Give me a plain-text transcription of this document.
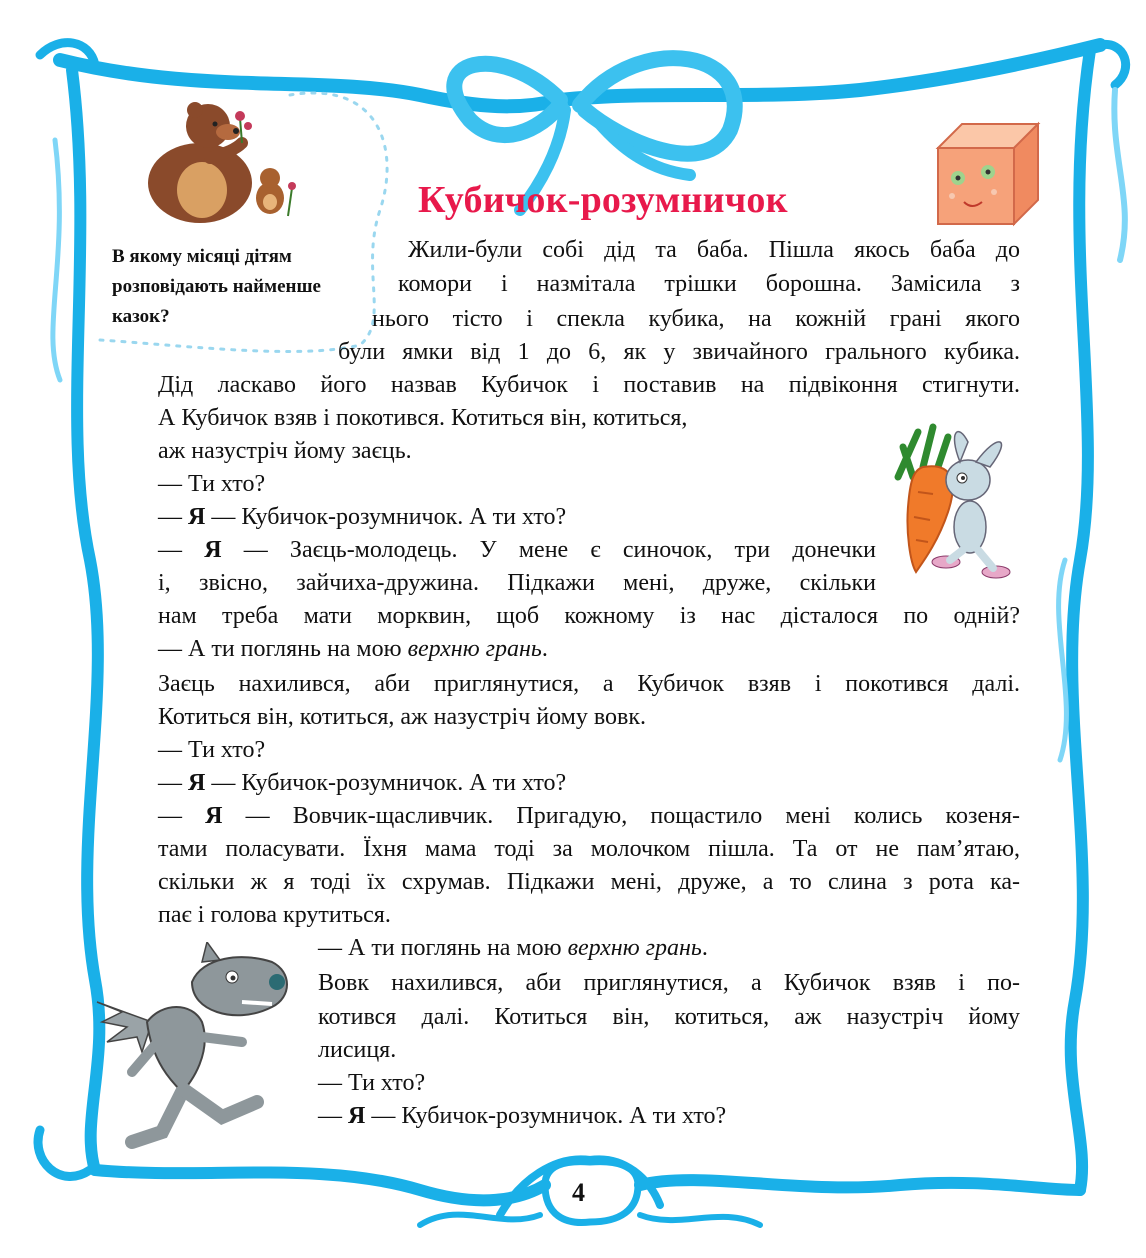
Кубичок-розумничок
В якому місяці дітям
розповідають найменше
казок?
Жили-були собі дід та баба. Пішла якось баба до
комори і назмітала трішки борошна. Замісила з
нього тісто і спекла кубика, на кожній грані якого
були ямки від 1 до 6, як у звичайного грального кубика.
Дід ласкаво його назвав Кубичок і поставив на підвіконня стигнути.
А Кубичок взяв і покотився. Котиться він, котиться,
аж назустріч йому заєць.
— Ти хто?
— Я — Кубичок-розумничок. А ти хто?
— Я — Заєць-молодець. У мене є синочок, три донечки
і, звісно, зайчиха-дружина. Підкажи мені, друже, скільки
нам треба мати морквин, щоб кожному із нас дісталося по одній?
— А ти поглянь на мою верхню грань.
Заєць нахилився, аби приглянутися, а Кубичок взяв і покотився далі.
Котиться він, котиться, аж назустріч йому вовк.
— Ти хто?
— Я — Кубичок-розумничок. А ти хто?
— Я — Вовчик-щасливчик. Пригадую, пощастило мені колись козеня-
тами поласувати. Їхня мама тоді за молочком пішла. Та от не пам’ятаю,
скільки ж я тоді їх схрумав. Підкажи мені, друже, а то слина з рота ка-
пає і голова крутиться.
— А ти поглянь на мою верхню грань.
Вовк нахилився, аби приглянутися, а Кубичок взяв і по-
котився далі. Котиться він, котиться, аж назустріч йому
лисиця.
— Ти хто?
— Я — Кубичок-розумничок. А ти хто?
4
